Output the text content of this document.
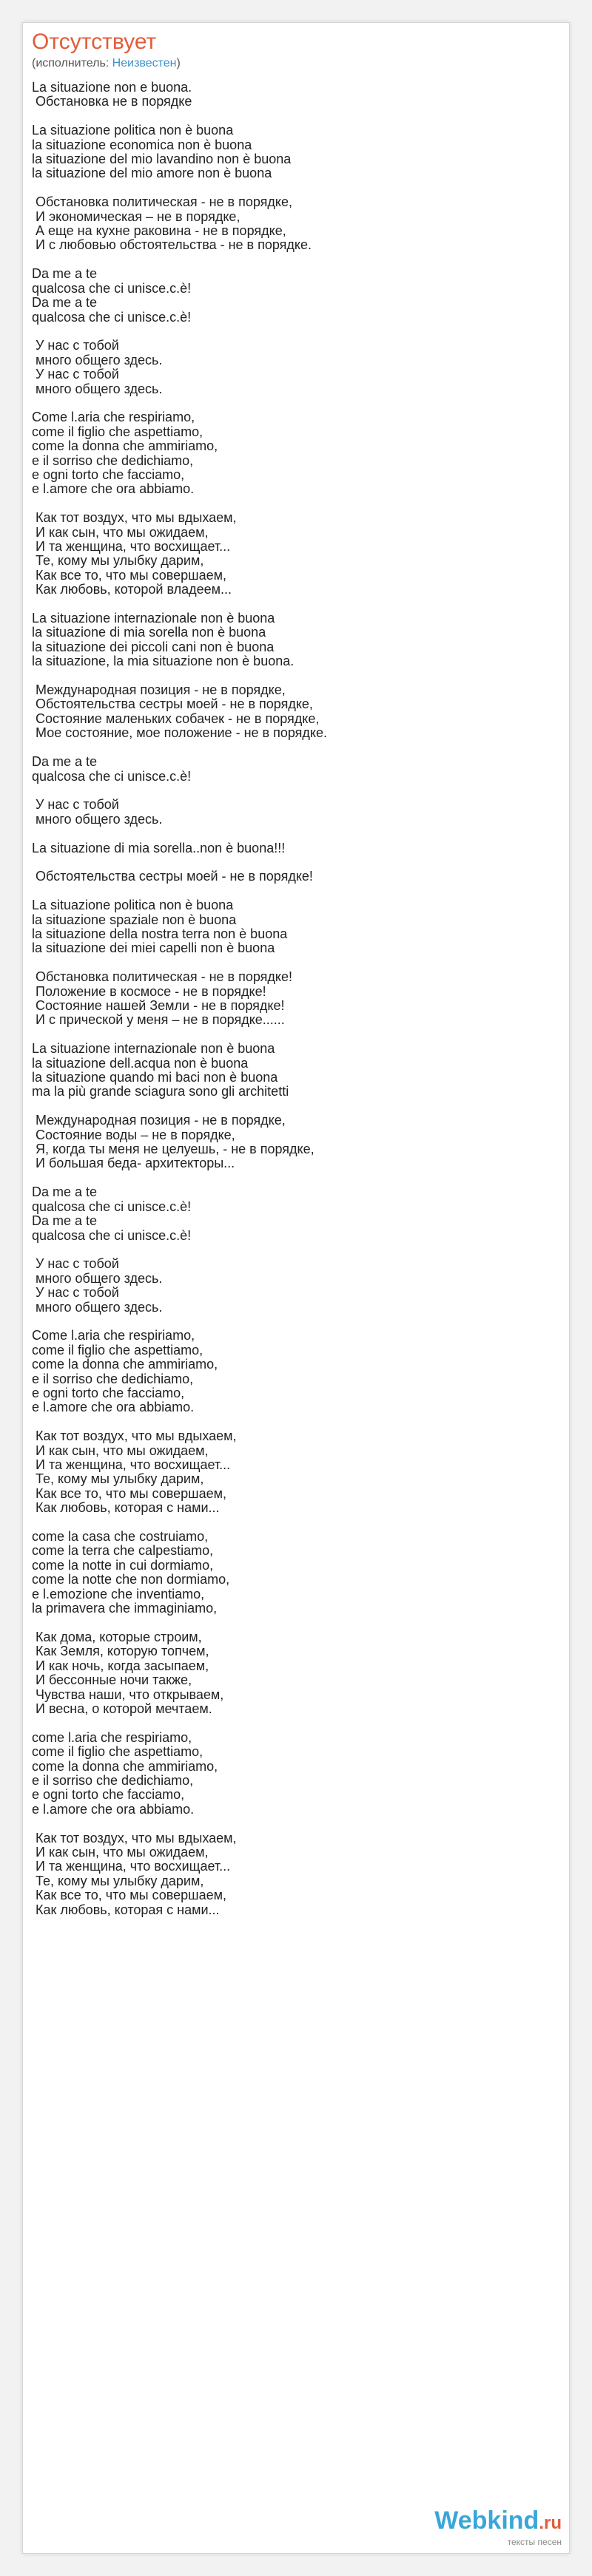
Отсутствует
(исполнитель: Неизвестен)
La situazione non e buona.
Обстановка не в порядке

La situazione politica non è buona
la situazione economica non è buona
la situazione del mio lavandino non è buona
la situazione del mio amore non è buona

Обстановка политическая - не в порядке,
И экономическая – не в порядке,
А еще на кухне раковина - не в порядке,
И с любовью обстоятельства - не в порядке.

Da me a te
qualcosa che ci unisce.c.è!
Da me a te
qualcosa che ci unisce.c.è!

У нас с тобой
много общего здесь.
У нас с тобой
много общего здесь.

Come l.aria che respiriamo,
come il figlio che aspettiamo,
come la donna che ammiriamo,
e il sorriso che dedichiamo,
e ogni torto che facciamo,
e l.amore che ora abbiamo.

Как тот воздух, что мы вдыхаем,
И как сын, что мы ожидаем,
И та женщина, что восхищает...
Те, кому мы улыбку дарим,
Как все то, что мы совершаем,
Как любовь, которой владеем...

La situazione internazionale non è buona
la situazione di mia sorella non è buona
la situazione dei piccoli cani non è buona
la situazione, la mia situazione non è buona.

Международная позиция - не в порядке,
Обстоятельства сестры моей - не в порядке,
Состояние маленьких собачек - не в порядке,
Мое состояние, мое положение - не в порядке.

Da me a te
qualcosa che ci unisce.c.è!

У нас с тобой
много общего здесь.

La situazione di mia sorella..non è buona!!!

Обстоятельства сестры моей - не в порядке!

La situazione politica non è buona
la situazione spaziale non è buona
la situazione della nostra terra non è buona
la situazione dei miei capelli non è buona

Обстановка политическая - не в порядке!
Положение в космосе - не в порядке!
Состояние нашей Земли - не в порядке!
И с прической у меня – не в порядке......

La situazione internazionale non è buona
la situazione dell.acqua non è buona
la situazione quando mi baci non è buona
ma la più grande sciagura sono gli architetti

Международная позиция - не в порядке,
Состояние воды – не в порядке,
Я, когда ты меня не целуешь, - не в порядке,
И большая беда- архитекторы...

Da me a te
qualcosa che ci unisce.c.è!
Da me a te
qualcosa che ci unisce.c.è!

У нас с тобой
много общего здесь.
У нас с тобой
много общего здесь.

Come l.aria che respiriamo,
come il figlio che aspettiamo,
come la donna che ammiriamo,
e il sorriso che dedichiamo,
e ogni torto che facciamo,
e l.amore che ora abbiamo.

Как тот воздух, что мы вдыхаем,
И как сын, что мы ожидаем,
И та женщина, что восхищает...
Те, кому мы улыбку дарим,
Как все то, что мы совершаем,
Как любовь, которая с нами...

come la casa che costruiamo,
come la terra che calpestiamo,
come la notte in cui dormiamo,
come la notte che non dormiamo,
e l.emozione che inventiamo,
la primavera che immaginiamo,

Как дома, которые строим,
Как Земля, которую топчем,
И как ночь, когда засыпаем,
И бессонные ночи также,
Чувства наши, что открываем,
И весна, о которой мечтаем.

come l.aria che respiriamo,
come il figlio che aspettiamo,
come la donna che ammiriamo,
e il sorriso che dedichiamo,
e ogni torto che facciamo,
e l.amore che ora abbiamo.

Как тот воздух, что мы вдыхаем,
И как сын, что мы ожидаем,
И та женщина, что восхищает...
Те, кому мы улыбку дарим,
Как все то, что мы совершаем,
Как любовь, которая с нами...
Webkind.ru
тексты песен
